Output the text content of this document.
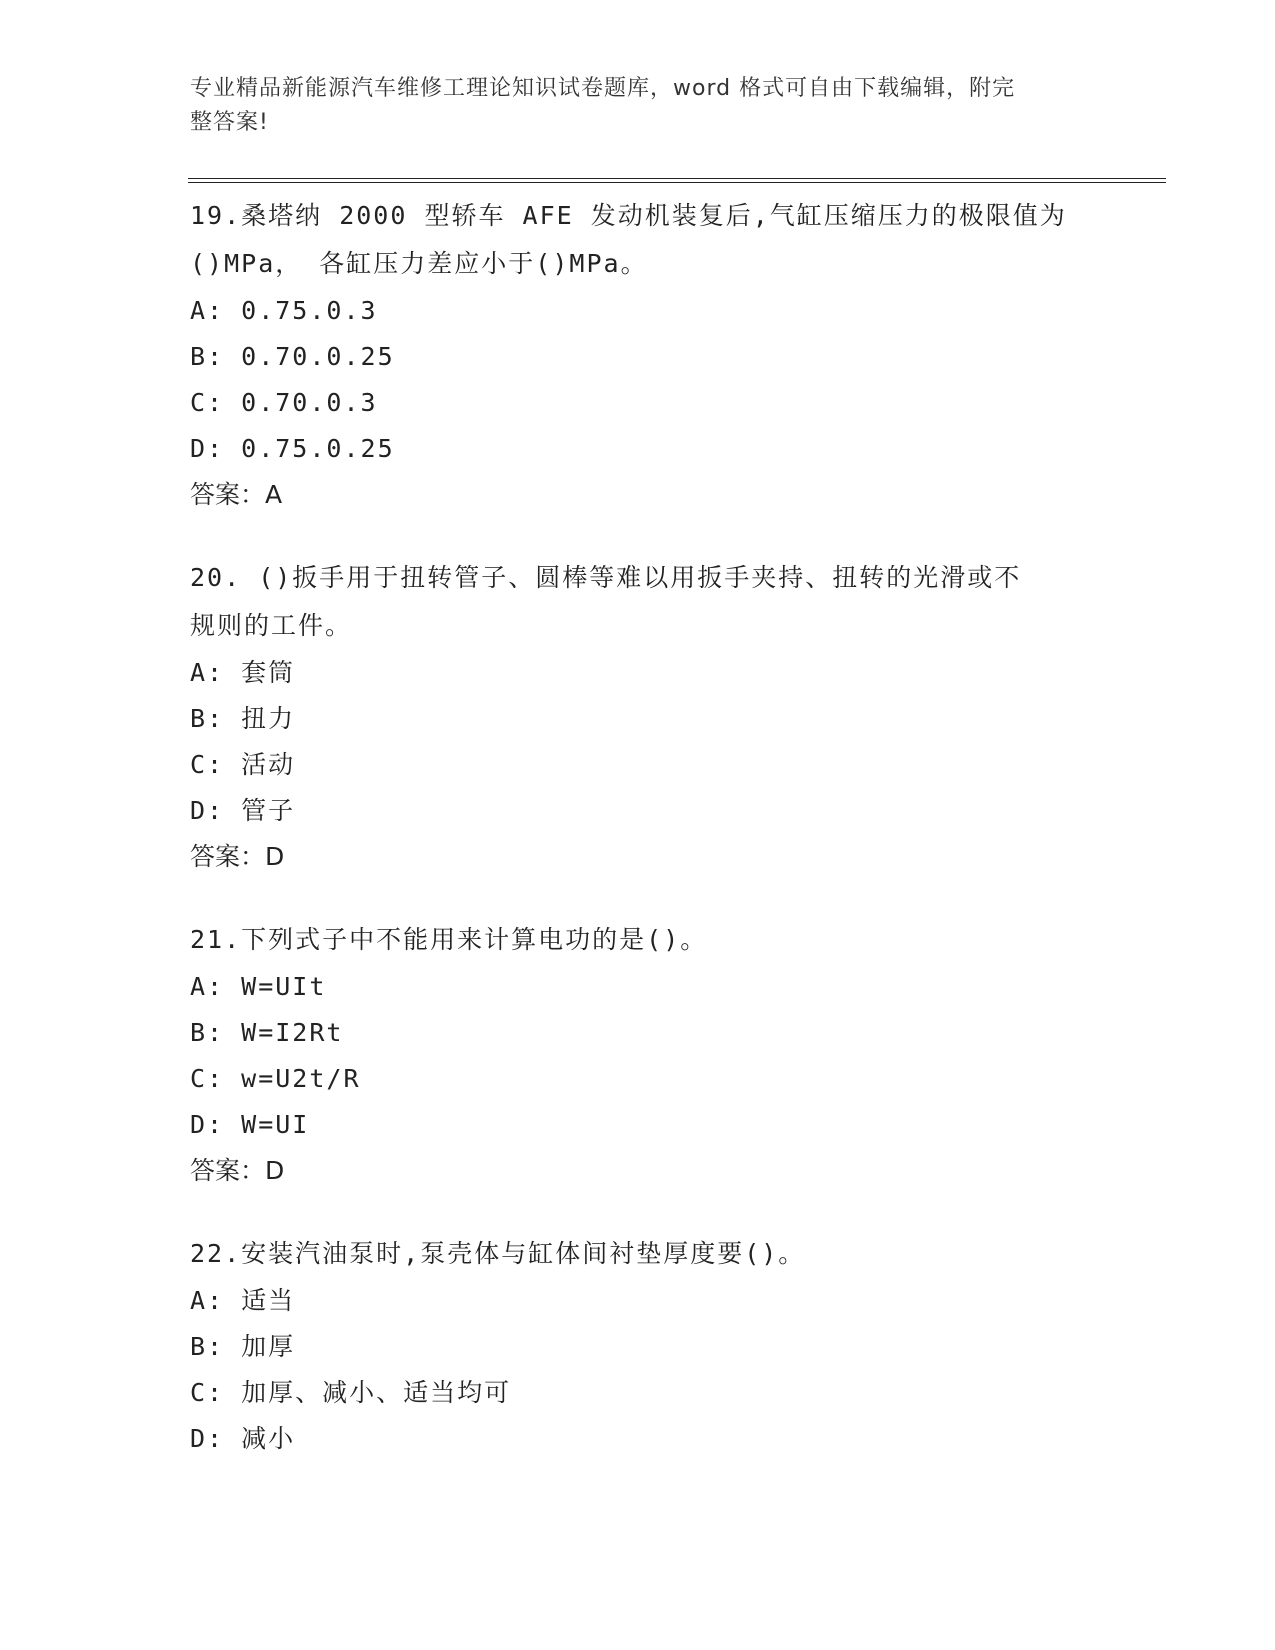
专业精品新能源汽车维修工理论知识试卷题库，word 格式可自由下载编辑，附完
整答案!

19.桑塔纳 2000 型轿车 AFE 发动机装复后,气缸压缩压力的极限值为

()MPa， 各缸压力差应小于()MPa。

A: 0.75.0.3

B: 0.70.0.25

C: 0.70.0.3

D: 0.75.0.25

答案：A

20. ()扳手用于扭转管子、圆棒等难以用扳手夹持、扭转的光滑或不

规则的工件。

A: 套筒

B: 扭力

C: 活动

D: 管子

答案：D

21.下列式子中不能用来计算电功的是()。

A: W=UIt

B: W=I2Rt

C: w=U2t/R

D: W=UI

答案：D

22.安装汽油泵时,泵壳体与缸体间衬垫厚度要()。

A: 适当

B: 加厚

C: 加厚、减小、适当均可

D: 减小
